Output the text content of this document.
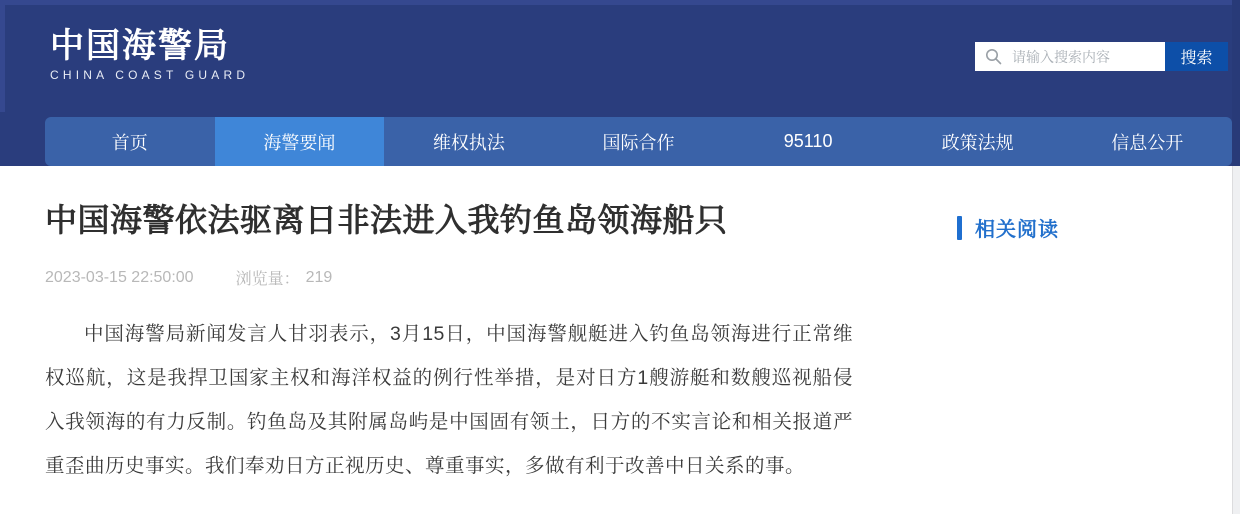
中国海警局
CHINA COAST GUARD
请输入搜索内容
搜索
首页	海警要闻	维权执法	国际合作	95110	政策法规	信息公开
中国海警依法驱离日非法进入我钓鱼岛领海船只
2023-03-15 22:50:00	浏览量： 219

中国海警局新闻发言人甘羽表示，3月15日，中国海警舰艇进入钓鱼岛领海进行正常维权巡航，这是我捍卫国家主权和海洋权益的例行性举措，是对日方1艘游艇和数艘巡视船侵入我领海的有力反制。钓鱼岛及其附属岛屿是中国固有领土，日方的不实言论和相关报道严重歪曲历史事实。我们奉劝日方正视历史、尊重事实，多做有利于改善中日关系的事。

相关阅读
